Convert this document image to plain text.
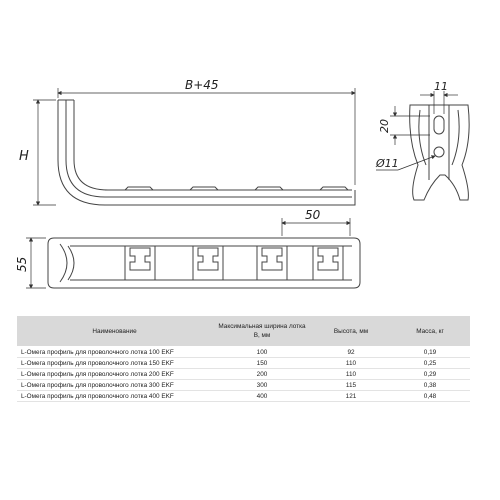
B+45
H
11
20
Ø11
50
55
Наименование	Максимальная ширина лотка В, мм	Высота, мм	Масса, кг
L-Омега профиль для проволочного лотка 100 EKF	100	92	0,19
L-Омега профиль для проволочного лотка 150 EKF	150	110	0,25
L-Омега профиль для проволочного лотка 200 EKF	200	110	0,29
L-Омега профиль для проволочного лотка 300 EKF	300	115	0,38
L-Омега профиль для проволочного лотка 400 EKF	400	121	0,48
